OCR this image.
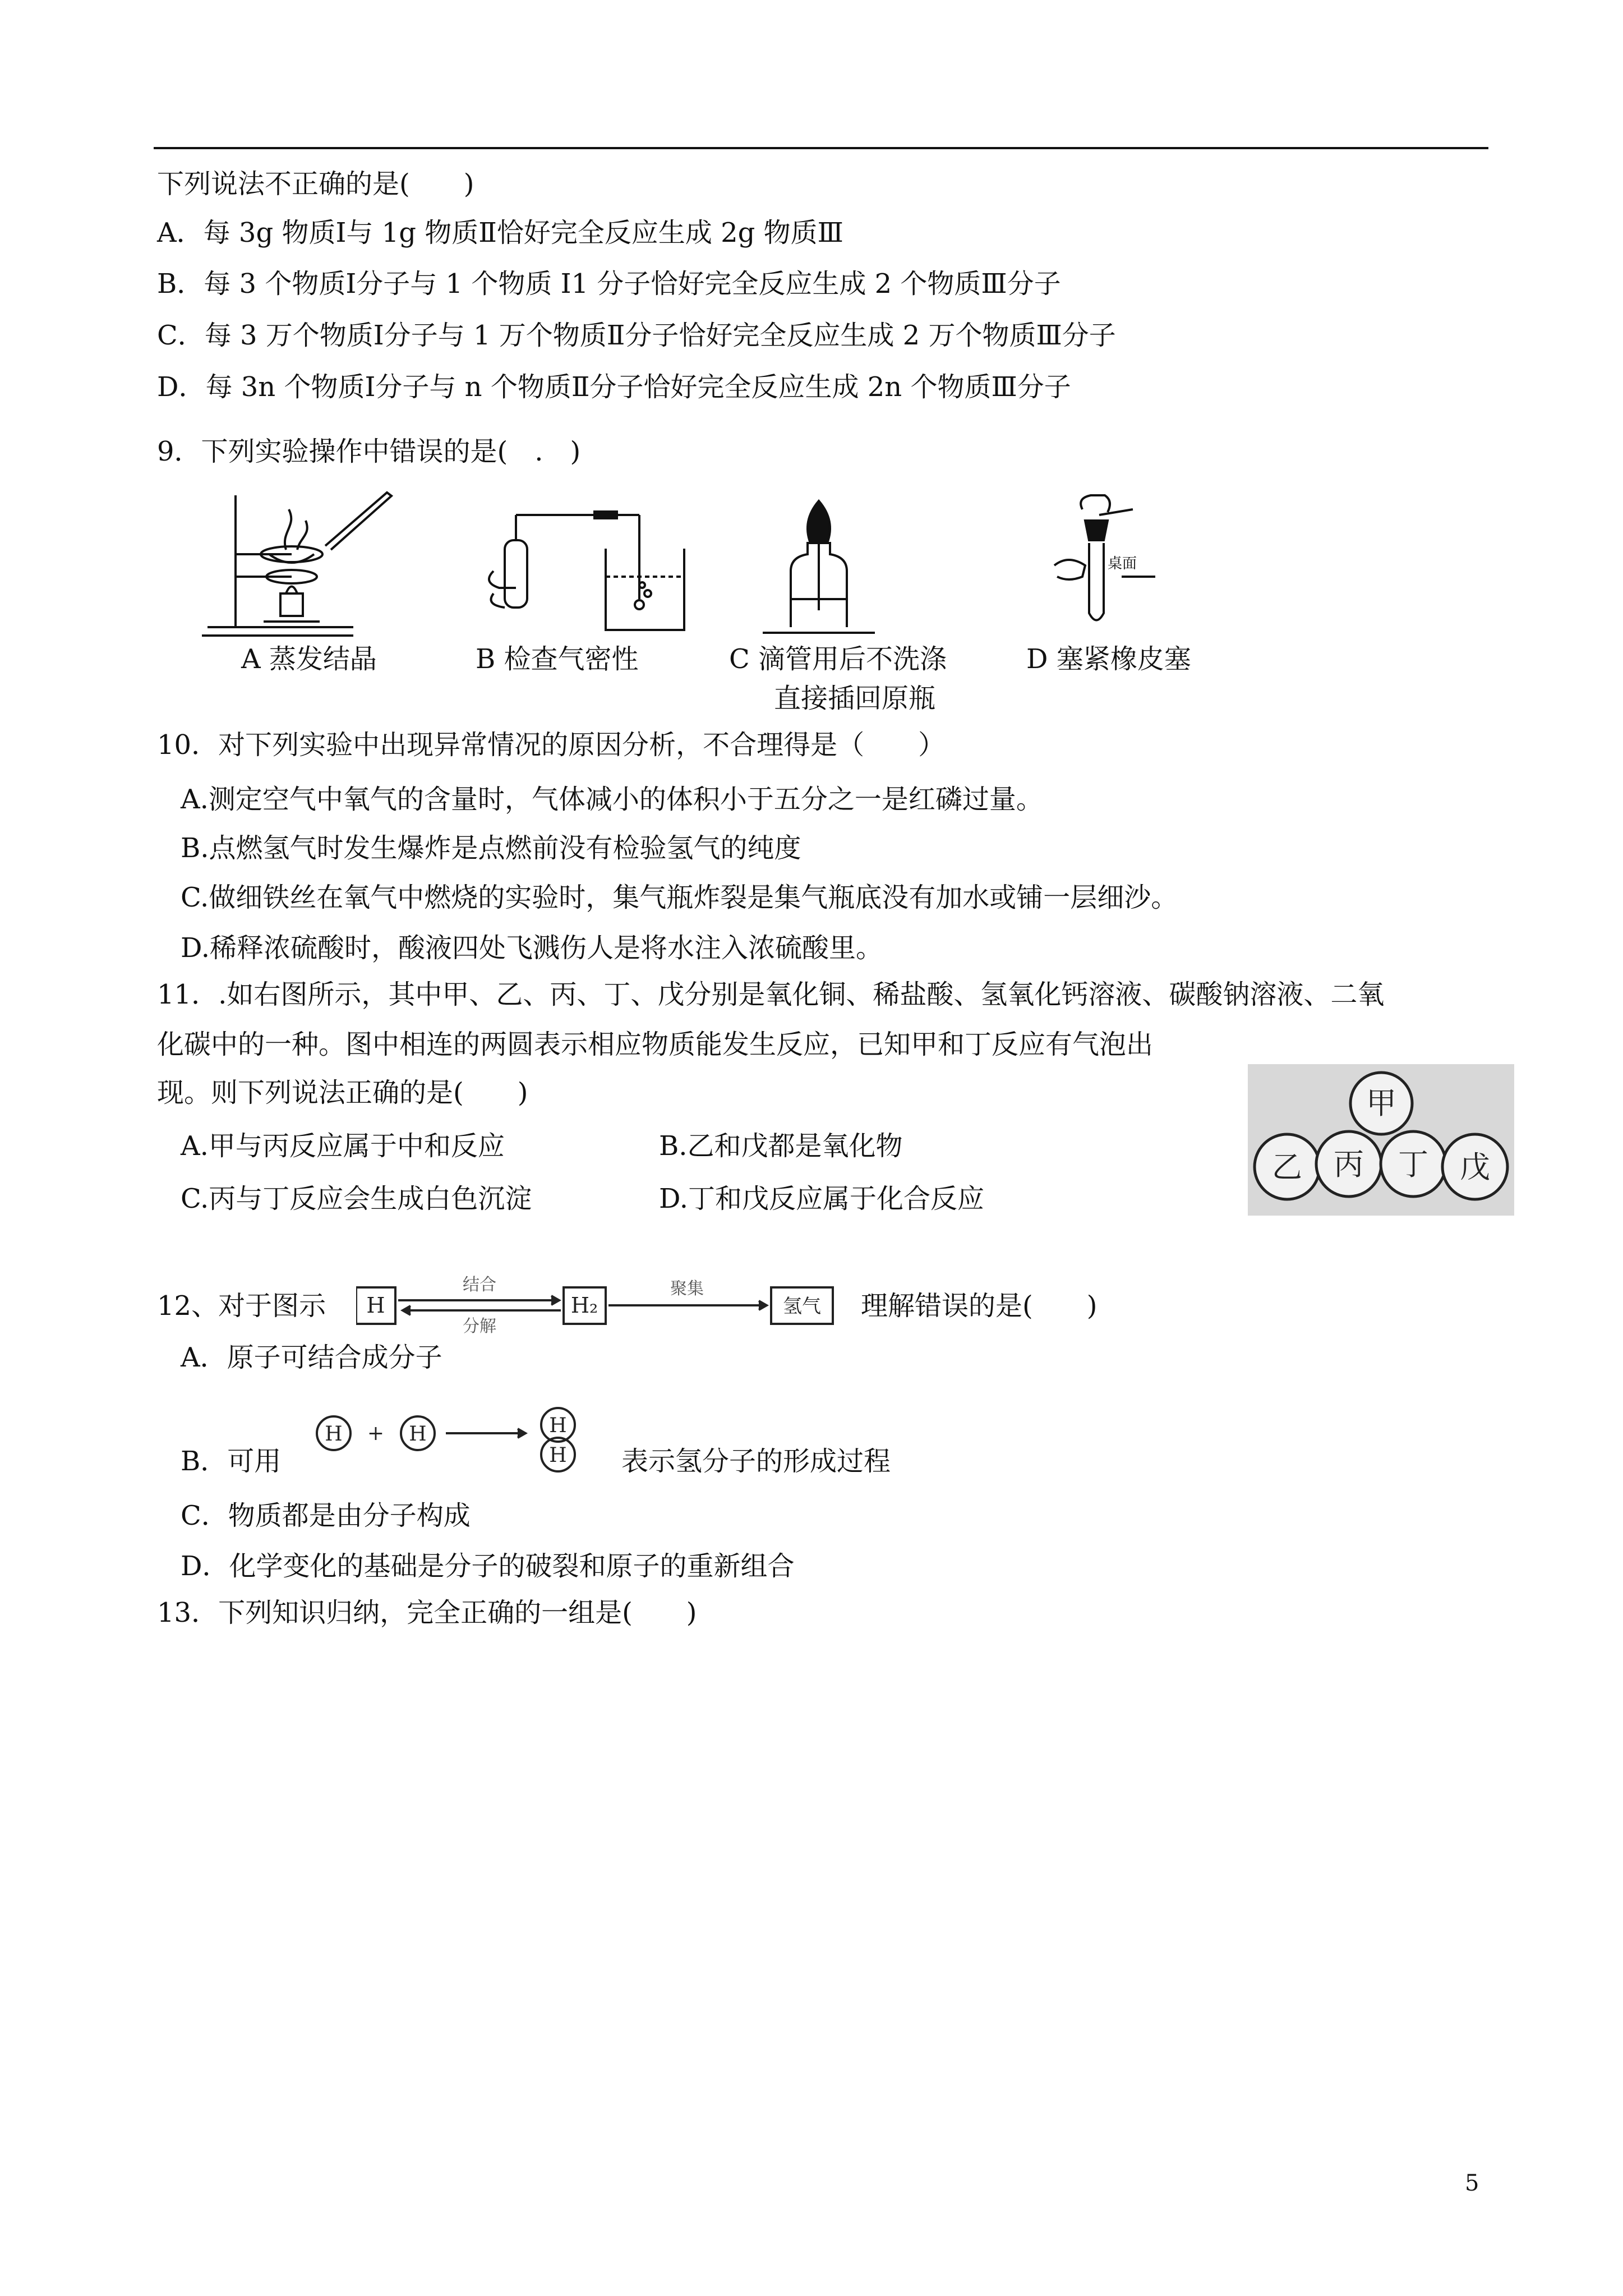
下列说法不正确的是(　　)
A．每 3g 物质Ⅰ与 1g 物质Ⅱ恰好完全反应生成 2g 物质Ⅲ
B．每 3 个物质Ⅰ分子与 1 个物质 I1 分子恰好完全反应生成 2 个物质Ⅲ分子
C．每 3 万个物质Ⅰ分子与 1 万个物质Ⅱ分子恰好完全反应生成 2 万个物质Ⅲ分子
D．每 3n 个物质Ⅰ分子与 n 个物质Ⅱ分子恰好完全反应生成 2n 个物质Ⅲ分子
9．下列实验操作中错误的是(　.　)
桌面
A 蒸发结晶	B 检查气密性	C 滴管用后不洗涤
直接插回原瓶
D 塞紧橡皮塞
10．对下列实验中出现异常情况的原因分析，不合理得是（　　）
A.测定空气中氧气的含量时，气体减小的体积小于五分之一是红磷过量。
B.点燃氢气时发生爆炸是点燃前没有检验氢气的纯度
C.做细铁丝在氧气中燃烧的实验时，集气瓶炸裂是集气瓶底没有加水或铺一层细沙。
D.稀释浓硫酸时，酸液四处飞溅伤人是将水注入浓硫酸里。
11．.如右图所示，其中甲、乙、丙、丁、戊分别是氧化铜、稀盐酸、氢氧化钙溶液、碳酸钠溶液、二氧
化碳中的一种。图中相连的两圆表示相应物质能发生反应，已知甲和丁反应有气泡出
现。则下列说法正确的是(　　)
A.甲与丙反应属于中和反应	B.乙和戊都是氧化物
C.丙与丁反应会生成白色沉淀	D.丁和戊反应属于化合反应
甲
乙 丙 丁 戊
12、对于图示 H	H₂	氢气
结合
分解
聚集
理解错误的是(　　)
A．原子可结合成分子
B．可用
H + H	H
H 表示氢分子的形成过程
C．物质都是由分子构成
D．化学变化的基础是分子的破裂和原子的重新组合
13．下列知识归纳，完全正确的一组是(　　)
5
